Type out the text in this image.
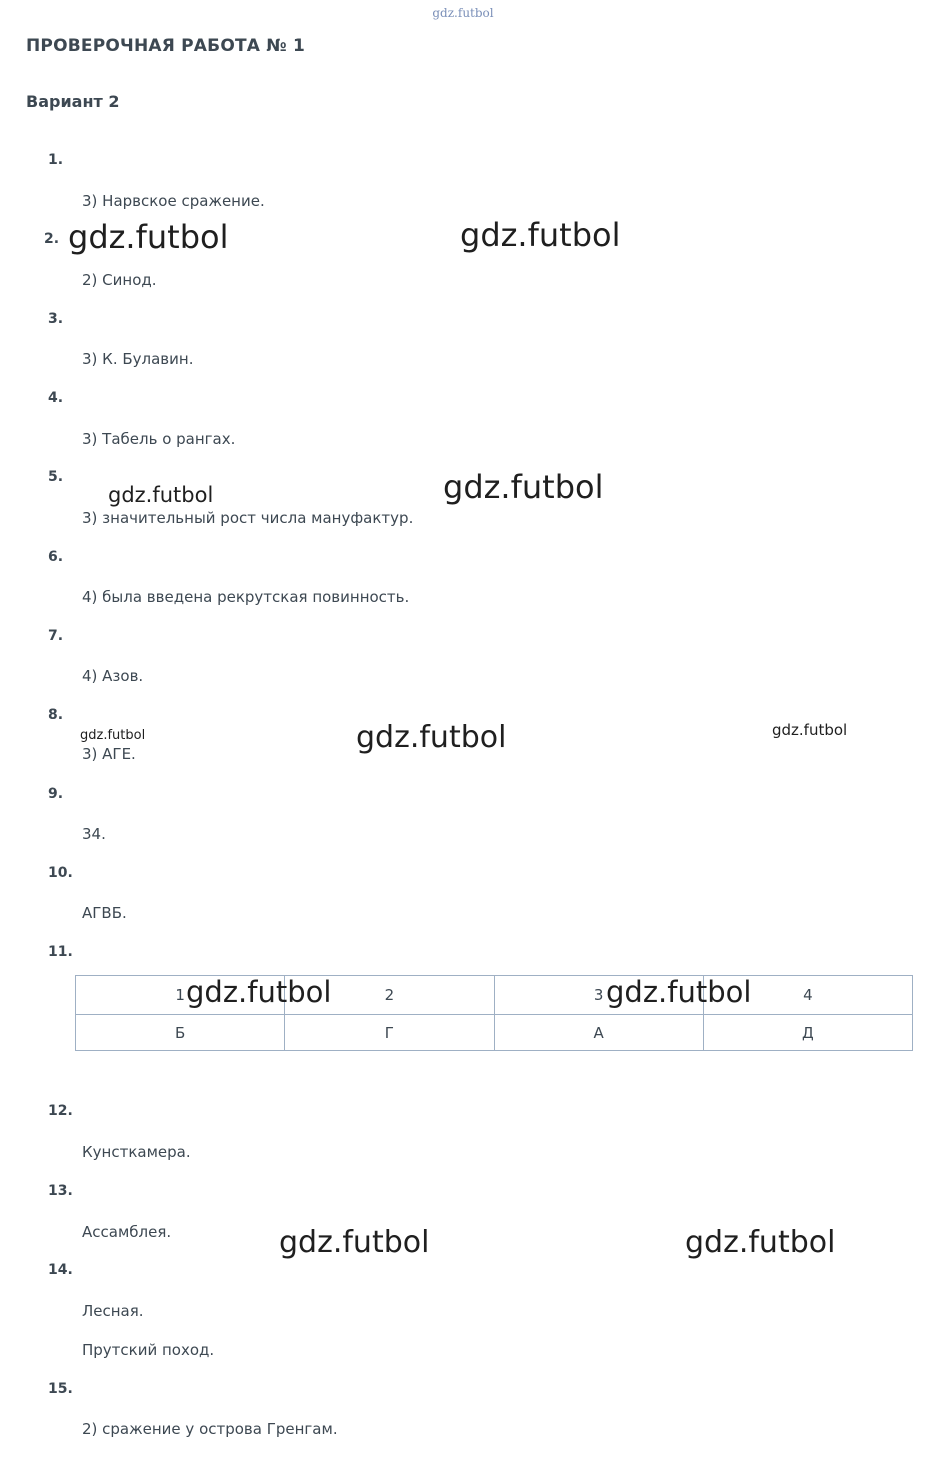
gdz.futbol
ПРОВЕРОЧНАЯ РАБОТА № 1
Вариант 2
1.
3) Нарвское сражение.
2.
2) Синод.
3.
3) К. Булавин.
4.
3) Табель о рангах.
5.
3) значительный рост числа мануфактур.
6.
4) была введена рекрутская повинность.
7.
4) Азов.
8.
3) АГЕ.
9.
34.
10.
АГВБ.
11.
1	2	3	4
Б	Г	А	Д
12.
Кунсткамера.
13.
Ассамблея.
14.
Лесная.
Прутский поход.
15.
2) сражение у острова Гренгам.
gdz.futbol	gdz.futbol
gdz.futbol	gdz.futbol
gdz.futbol	gdz.futbol	gdz.futbol
gdz.futbol	gdz.futbol
gdz.futbol	gdz.futbol
